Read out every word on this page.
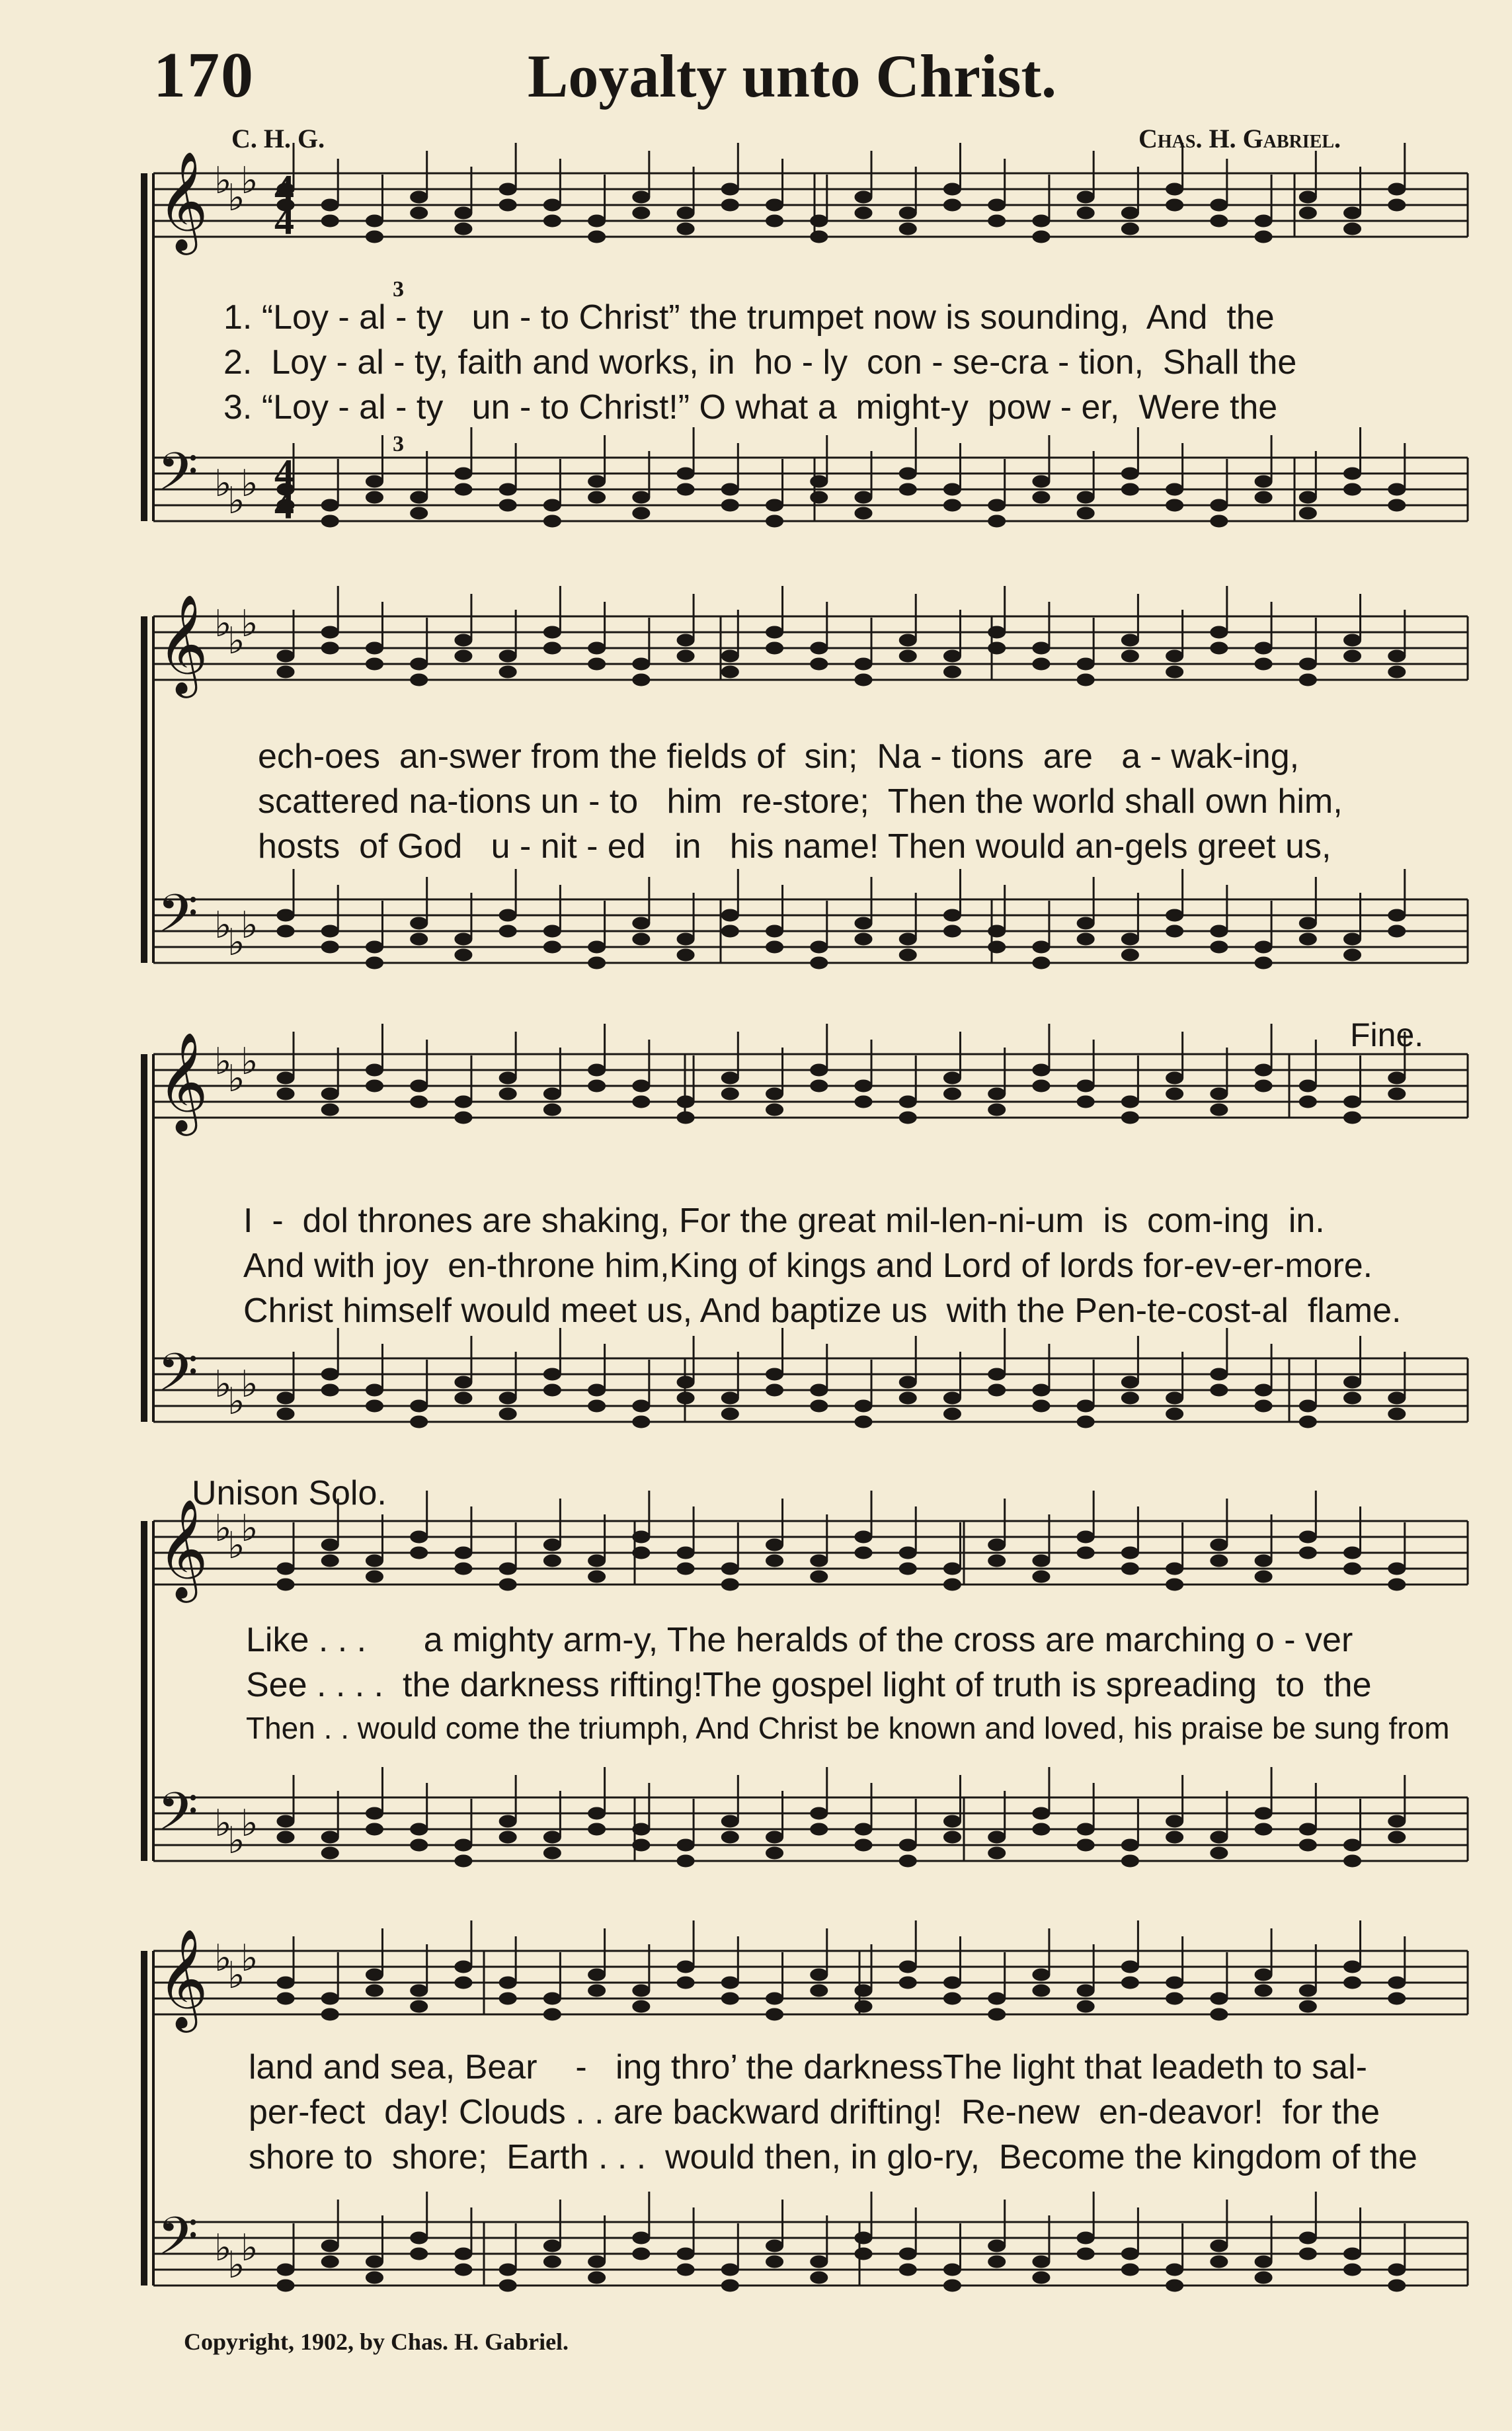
170	Loyalty unto Christ.
C. H. G.	Chas. H. Gabriel.
𝄞 ♭
♭
♭
𝄢 ♭
♭
♭
𝄞 ♭
♭
♭
𝄢 ♭
♭
♭
𝄞 ♭
♭
♭
𝄢 ♭
♭
♭
𝄞 ♭
♭
♭
𝄢 ♭
♭
♭
𝄞 ♭
♭
♭
𝄢 ♭
♭
♭
4
4
4
4
3
3
Fine.
Unison Solo.
1. “Loy - al - ty   un - to Christ” the trumpet now is sounding,  And  the
2.  Loy - al - ty, faith and works, in  ho - ly  con - se-cra - tion,  Shall the
3. “Loy - al - ty   un - to Christ!” O what a  might-y  pow - er,  Were the
ech-oes  an-swer from the fields of  sin;  Na - tions  are   a - wak-ing,
scattered na-tions un - to   him  re-store;  Then the world shall own him,
hosts  of God   u - nit - ed   in   his name! Then would an-gels greet us,
I  -  dol thrones are shaking, For the great mil-len-ni-um  is  com-ing  in.
And with joy  en-throne him,King of kings and Lord of lords for-ev-er-more.
Christ himself would meet us, And baptize us  with the Pen-te-cost-al  flame.
Like . . .      a mighty arm-y, The heralds of the cross are marching o - ver
See . . . .  the darkness rifting!The gospel light of truth is spreading  to  the
Then . . would come the triumph, And Christ be known and loved, his praise be sung from
land and sea, Bear    -   ing thro’ the darknessThe light that leadeth to sal-
per-fect  day! Clouds . . are backward drifting!  Re-new  en-deavor!  for the
shore to  shore;  Earth . . .  would then, in glo-ry,  Become the kingdom of the
Copyright, 1902, by Chas. H. Gabriel.
